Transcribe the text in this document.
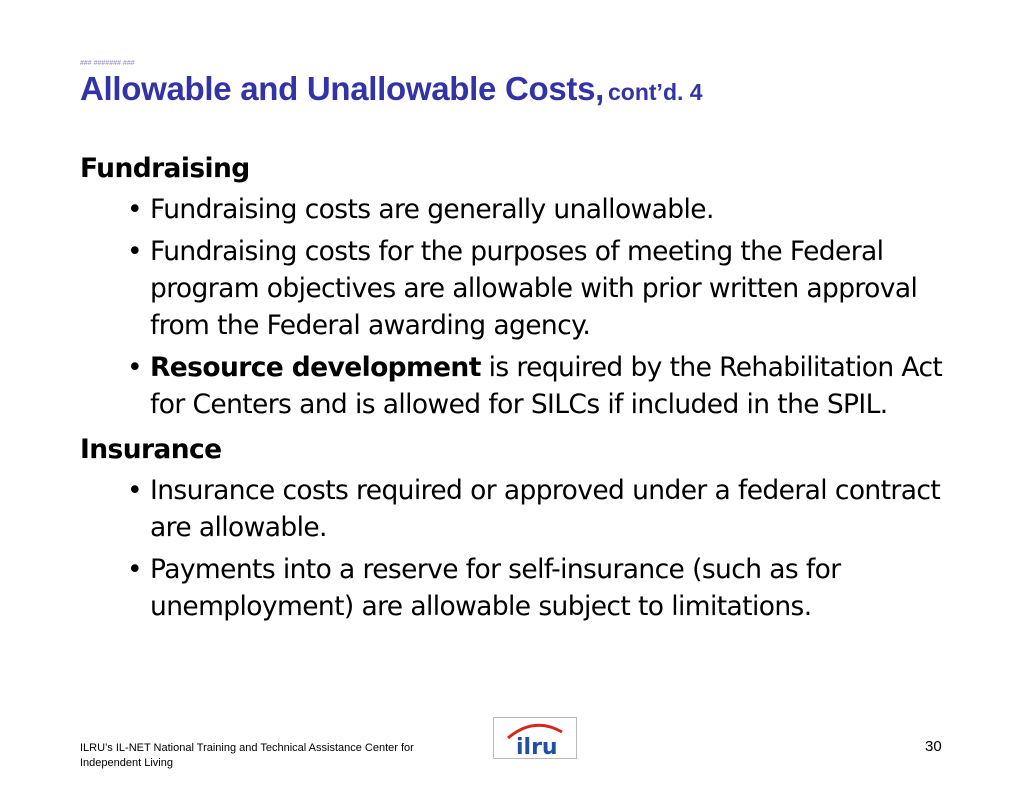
### ####### ###
Allowable and Unallowable Costs, cont’d. 4

Fundraising

• Fundraising costs are generally unallowable.
• Fundraising costs for the purposes of meeting the Federal program objectives are allowable with prior written approval from the Federal awarding agency.
• Resource development is required by the Rehabilitation Act for Centers and is allowed for SILCs if included in the SPIL.

Insurance

• Insurance costs required or approved under a federal contract are allowable.
• Payments into a reserve for self-insurance (such as for unemployment) are allowable subject to limitations.
ILRU’s IL-NET National Training and Technical Assistance Center for
Independent Living
ilru	30
